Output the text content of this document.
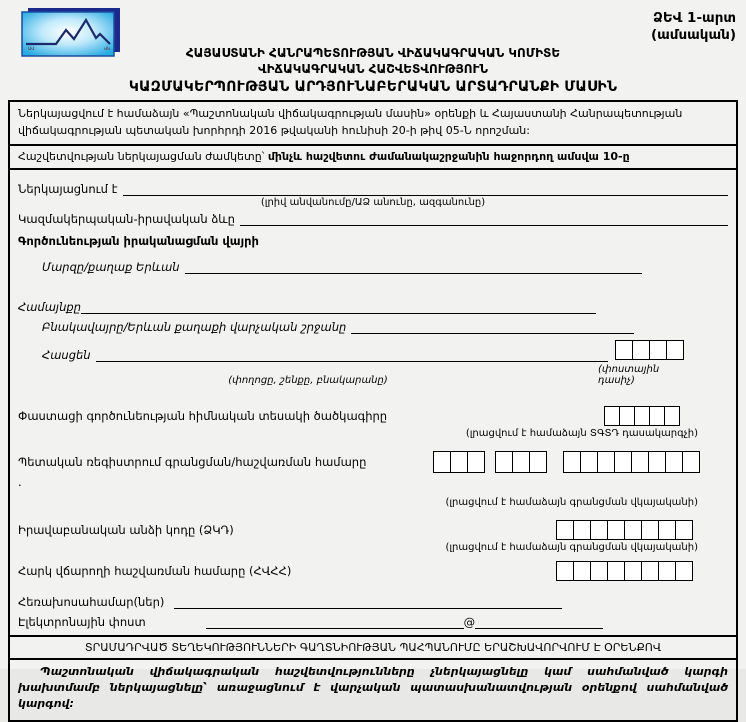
ԱՎ	ՎԿ
ՁԵՎ 1-արտ
(ամսական)
ՀԱՅԱՍՏԱՆԻ ՀԱՆՐԱՊԵՏՈՒԹՅԱՆ ՎԻՃԱԿԱԳՐԱԿԱՆ ԿՈՄԻՏԵ
ՎԻՃԱԿԱԳՐԱԿԱՆ ՀԱՇՎԵՏՎՈՒԹՅՈՒՆ
ԿԱԶՄԱԿԵՐՊՈՒԹՅԱՆ ԱՐԴՅՈՒՆԱԲԵՐԱԿԱՆ ԱՐՏԱԴՐԱՆՔԻ ՄԱՍԻՆ
Ներկայացվում է համաձայն «Պաշտոնական վիճակագրության մասին» օրենքի և Հայաստանի Հանրապետության վիճակագրության պետական խորհրդի 2016 թվականի հունիսի 20-ի թիվ 05-Ն որոշման:
Հաշվետվության ներկայացման ժամկետը՝ մինչև հաշվետու ժամանակաշրջանին հաջորդող ամսվա 10-ը
Ներկայացնում է
(լրիվ անվանումը/ԱՁ անունը, ազգանունը)
Կազմակերպական-իրավական ձևը
Գործունեության իրականացման վայրի
Մարզը/քաղաք Երևան
Համայնքը
Բնակավայրը/Երևան քաղաքի վարչական շրջանը
Հասցեն
(փողոցը, շենքը, բնակարանը)
(փոստային դասիչ)
Փաստացի գործունեության հիմնական տեսակի ծածկագիրը
(լրացվում է համաձայն ՏԳՏԴ դասակարգչի)
Պետական ռեգիստրում գրանցման/հաշվառման համարը
.
(լրացվում է համաձայն գրանցման վկայականի)
Իրավաբանական անձի կոդը (ՁԿԴ)
(լրացվում է համաձայն գրանցման վկայականի)
Հարկ վճարողի հաշվառման համարը (ՀՎՀՀ)
Հեռախոսահամար(ներ)
Էլեկտրոնային փոստ	@
ՏՐԱՄԱԴՐՎԱԾ ՏԵՂԵԿՈՒԹՅՈՒՆՆԵՐԻ ԳԱՂՏՆԻՈՒԹՅԱՆ ՊԱՀՊԱՆՈՒՄԸ ԵՐԱՇԽԱՎՈՐՎՈՒՄ Է ՕՐԵՆՔՈՎ
Պաշտոնական վիճակագրական հաշվետվությունները չներկայացնելը կամ սահմանված կարգի խախտմամբ ներկայացնելը՝ առաջացնում է վարչական պատասխանատվության օրենքով սահմանված կարգով:
